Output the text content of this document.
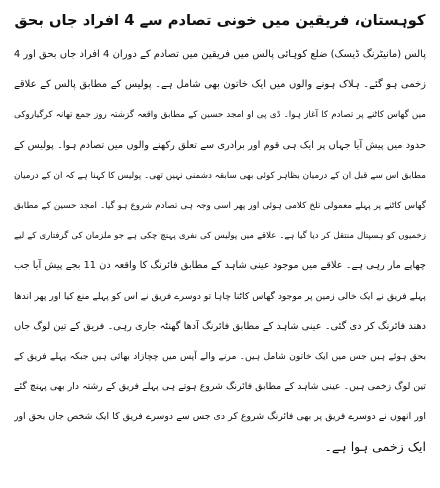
کوہستان، فریقین میں خونی تصادم سے 4 افراد جاں بحق
پالس (مانیٹرنگ ڈیسک) ضلع کوہائی پالس میں فریقین میں تصادم کے دوران 4 افراد جاں بحق اور 4
زخمی ہو گئے۔ ہلاک ہونے والوں میں ایک خاتون بھی شامل ہے۔ پولیس کے مطابق پالس کے علاقے
میں گھاس کاٹنے پر تصادم کا آغاز ہوا۔ ڈی پی او امجد حسین کے مطابق واقعہ گزشتہ روز جمع تھانہ کرگیاروکی
حدود میں پیش آیا جہاں پر ایک ہی قوم اور برادری سے تعلق رکھنے والوں میں تصادم ہوا۔ پولیس کے
مطابق اس سے قبل ان کے درمیان بظاہر کوئی بھی سابقہ دشمنی نہیں تھی۔ پولیس کا کہنا ہے کہ ان کے درمیان
گھاس کاٹنے پر پہلے معمولی تلخ کلامی ہوئی اور پھر اسی وجہ ہی تصادم شروع ہو گیا۔ امجد حسین کے مطابق
زخمیوں کو ہسپتال منتقل کر دیا گیا ہے۔ علاقے میں پولیس کی نفری پہنچ چکی ہے جو ملزمان کی گرفتاری کے لیے
چھاپے مار رہی ہے۔ علاقے میں موجود عینی شاہد کے مطابق فائرنگ کا واقعہ دن 11 بجے پیش آیا جب
پہلے فریق نے ایک خالی زمین پر موجود گھاس کاٹنا چاہا تو دوسرے فریق نے اس کو پہلے منع کیا اور پھر اندھا
دھند فائرنگ کر دی گئی۔ عینی شاہد کے مطابق فائرنگ آدھا گھنٹہ جاری رہی۔ فریق کے تین لوگ جاں
بحق ہوئے ہیں جس میں ایک خاتون شامل ہیں۔ مرنے والے آپس میں چچازاد بھائی ہیں جبکہ پہلے فریق کے
تین لوگ زخمی ہیں۔ عینی شاہد کے مطابق فائرنگ شروع ہوتے ہی پہلے فریق کے رشتہ دار بھی پہنچ گئے
اور انھوں نے دوسرے فریق پر بھی فائرنگ شروع کر دی جس سے دوسرے فریق کا ایک شخص جاں بحق اور
ایک زخمی ہوا ہے۔
